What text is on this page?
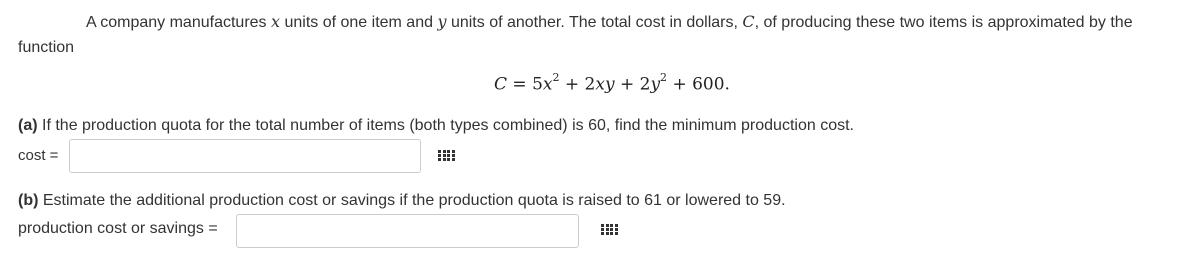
A company manufactures x units of one item and y units of another. The total cost in dollars, C, of producing these two items is approximated by the function

$C = 5x^2 + 2xy + 2y^2 + 600$.

(a) If the production quota for the total number of items (both types combined) is 60, find the minimum production cost.

cost =

(b) Estimate the additional production cost or savings if the production quota is raised to 61 or lowered to 59.

production cost or savings =
